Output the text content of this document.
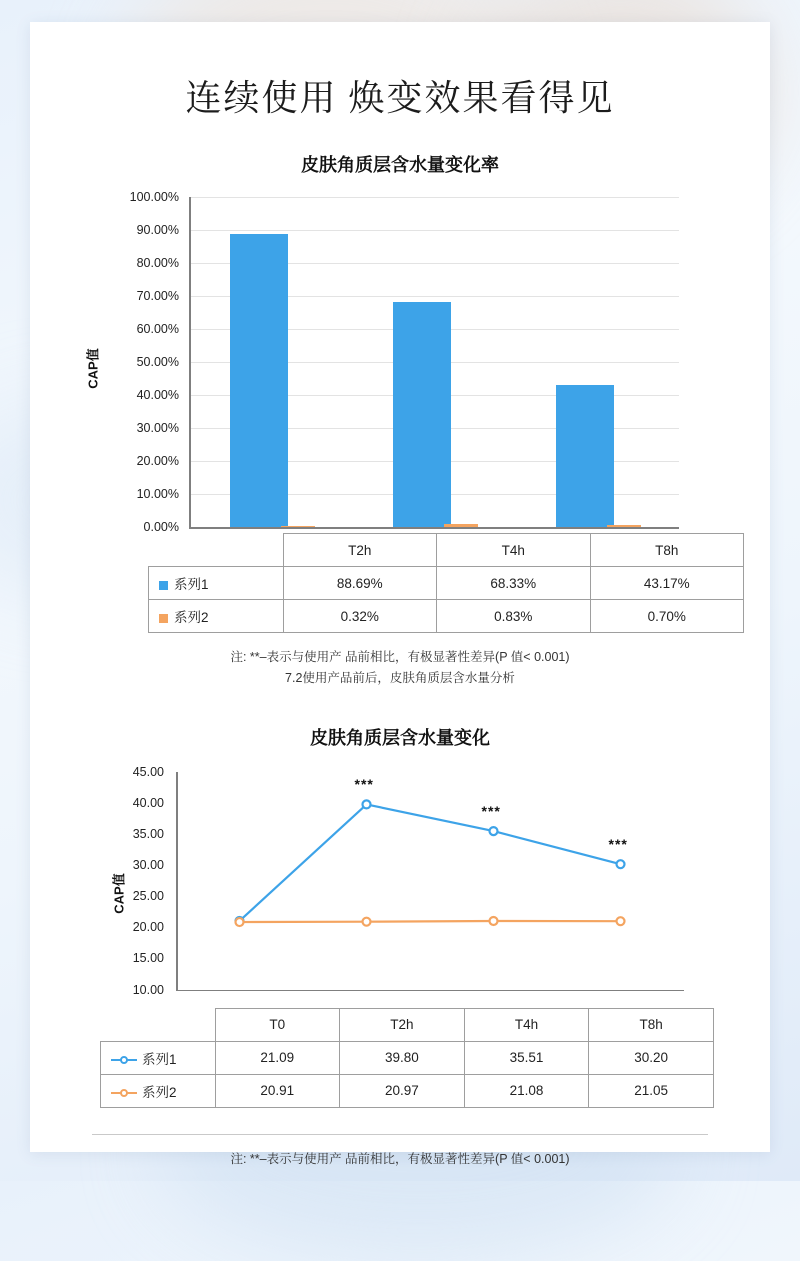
连续使用 焕变效果看得见
皮肤角质层含水量变化率
CAP值
0.00%
10.00%
20.00%
30.00%
40.00%
50.00%
60.00%
70.00%
80.00%
90.00%
100.00%
	T2h	T4h	T8h
系列1	88.69%	68.33%	43.17%
系列2	0.32%	0.83%	0.70%
注: **–表示与使用产 品前相比，有极显著性差异(P 值< 0.001)
7.2使用产品前后，皮肤角质层含水量分析
皮肤角质层含水量变化
CAP值
10.00
15.00
20.00
25.00
30.00
35.00
40.00
45.00
***
***
***
	T0	T2h	T4h	T8h
系列1	21.09	39.80	35.51	30.20
系列2	20.91	20.97	21.08	21.05
注: **–表示与使用产 品前相比，有极显著性差异(P 值< 0.001)
